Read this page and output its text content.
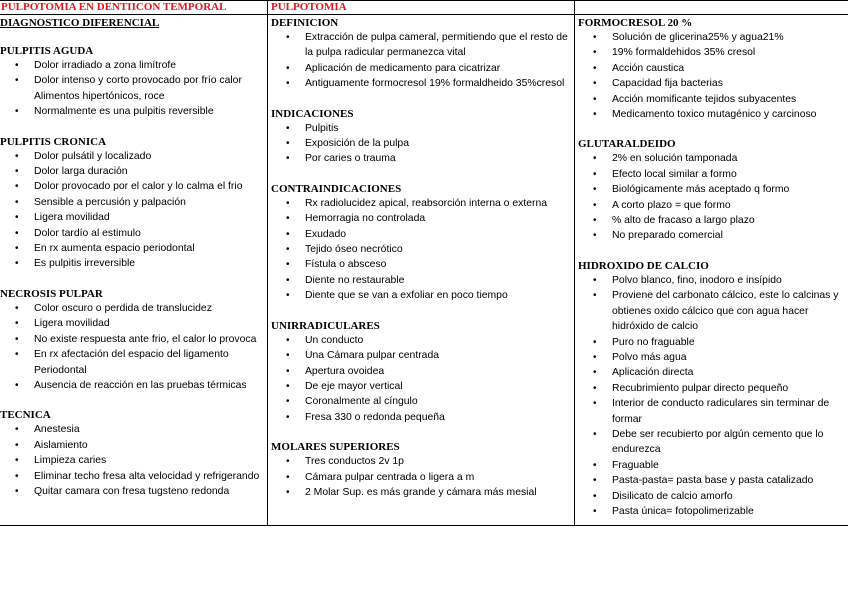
PULPOTOMIA EN DENTIICON TEMPORAL	PULPOTOMIA

DIAGNOSTICO DIFERENCIAL

PULPITIS AGUDA

• Dolor irradiado a zona limítrofe
• Dolor intenso y corto provocado por frío calor Alimentos hipertónicos, roce
• Normalmente es una pulpitis reversible

PULPITIS CRONICA

• Dolor pulsátil y localizado
• Dolor larga duración
• Dolor provocado por el calor y lo calma el frio
• Sensible a percusión y palpación
• Ligera movilidad
• Dolor tardío al estimulo
• En rx aumenta espacio periodontal
• Es pulpitis irreversible

NECROSIS PULPAR

• Color oscuro o perdida de translucidez
• Ligera movilidad
• No existe respuesta ante frio, el calor lo provoca
• En rx afectación del espacio del ligamento Periodontal
• Ausencia de reacción en las pruebas térmicas

TECNICA

• Anestesia
• Aislamiento
• Limpieza caries
• Eliminar techo fresa alta velocidad y refrigerando
• Quitar camara con fresa tugsteno redonda

DEFINICION

• Extracción de pulpa cameral, permitiendo que el resto de la pulpa radicular permanezca vital
• Aplicación de medicamento para cicatrizar
• Antiguamente formocresol 19% formaldheido 35%cresol

INDICACIONES

• Pulpitis
• Exposición de la pulpa
• Por caries o trauma

CONTRAINDICACIONES

• Rx radiolucidez apical, reabsorción interna o externa
• Hemorragia no controlada
• Exudado
• Tejido óseo necrótico
• Fístula o absceso
• Diente no restaurable
• Diente que se van a exfoliar en poco tiempo

UNIRRADICULARES

• Un conducto
• Una Cámara pulpar centrada
• Apertura ovoidea
• De eje mayor vertical
• Coronalmente al cíngulo
• Fresa 330 o redonda pequeña

MOLARES SUPERIORES

• Tres conductos 2v 1p
• Cámara pulpar centrada o ligera a m
• 2 Molar Sup. es más grande y cámara más mesial

FORMOCRESOL 20 %

• Solución de glicerina25% y agua21%
• 19% formaldehidos 35% cresol
• Acción caustica
• Capacidad fija bacterias
• Acción momificante tejidos subyacentes
• Medicamento toxico mutagénico y carcinoso

GLUTARALDEIDO

• 2% en solución tamponada
• Efecto local similar a formo
• Biológicamente más aceptado q formo
• A corto plazo = que formo
• % alto de fracaso a largo plazo
• No preparado comercial

HIDROXIDO DE CALCIO

• Polvo blanco, fino, inodoro e insípido
• Proviene del carbonato cálcico, este lo calcinas y obtienes oxido cálcico que con agua hacer hidróxido de calcio
• Puro no fraguable
• Polvo más agua
• Aplicación directa
• Recubrimiento pulpar directo pequeño
• Interior de conducto radiculares sin terminar de formar
• Debe ser recubierto por algún cemento que lo endurezca
• Fraguable
• Pasta-pasta= pasta base y pasta catalizado
• Disilicato de calcio amorfo
• Pasta única= fotopolimerizable
